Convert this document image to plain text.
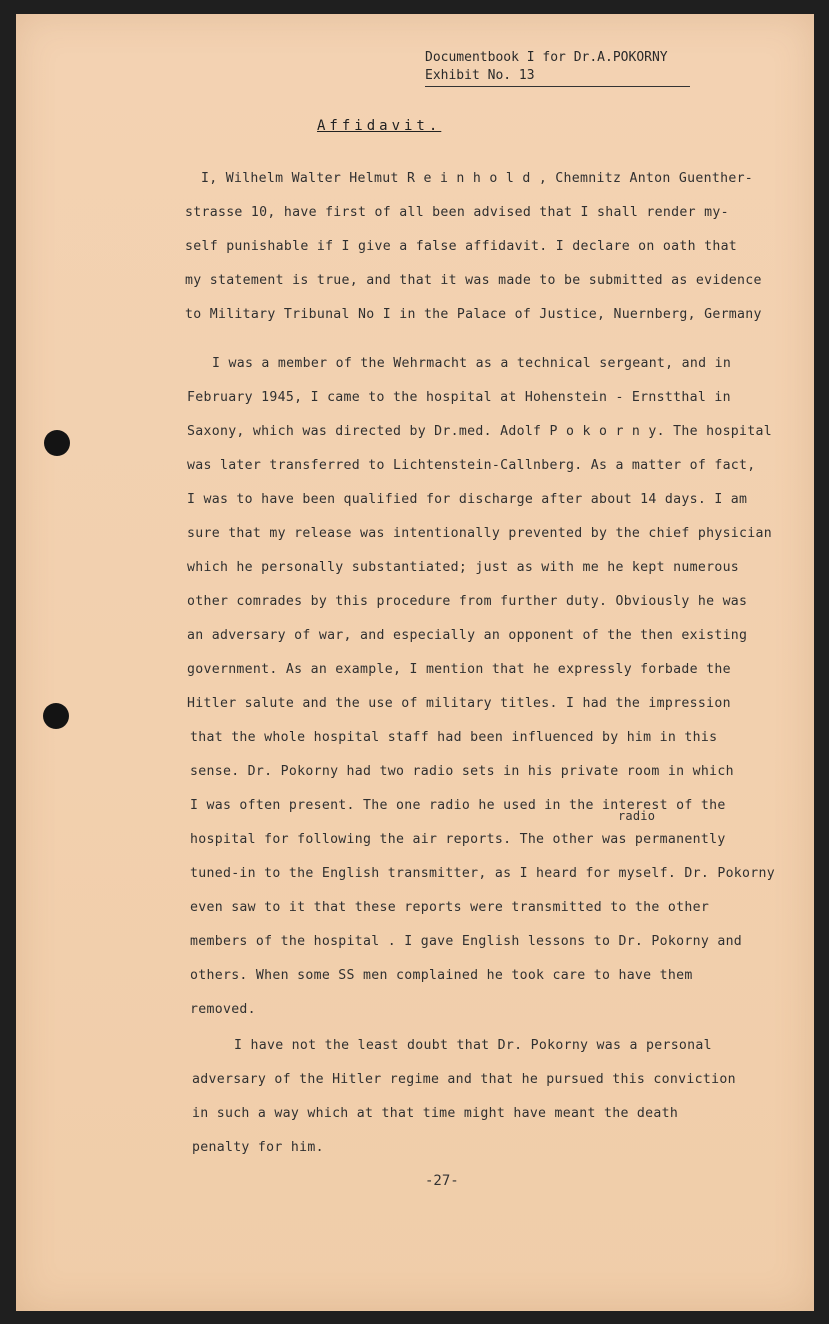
Documentbook I for Dr.A.POKORNY
Exhibit No. 13
Affidavit.
I, Wilhelm Walter Helmut R e i n h o l d , Chemnitz Anton Guenther-
strasse 10, have first of all been advised that I shall render my-
self punishable if I give a false affidavit. I declare on oath that
my statement is true, and that it was made to be submitted as evidence
to Military Tribunal No I in the Palace of Justice, Nuernberg, Germany
I was a member of the Wehrmacht as a technical sergeant, and in
February 1945, I came to the hospital at Hohenstein - Ernstthal in
Saxony, which was directed by Dr.med. Adolf P o k o r n y. The hospital
was later transferred to Lichtenstein-Callnberg. As a matter of fact,
I was to have been qualified for discharge after about 14 days. I am
sure that my release was intentionally prevented by the chief physician
which he personally substantiated; just as with me he kept numerous
other comrades by this procedure from further duty. Obviously he was
an adversary of war, and especially an opponent of the then existing
government. As an example, I mention that he expressly forbade the
Hitler salute and the use of military titles. I had the impression
that the whole hospital staff had been influenced by him in this
sense. Dr. Pokorny had two radio sets in his private room in which
I was often present. The one radio he used in the interest of the
radio
hospital for following the air reports. The other was permanently
tuned-in to the English transmitter, as I heard for myself. Dr. Pokorny
even saw to it that these reports were transmitted to the other
members of the hospital . I gave English lessons to Dr. Pokorny and
others. When some SS men complained he took care to have them
removed.
I have not the least doubt that Dr. Pokorny was a personal
adversary of the Hitler regime and that he pursued this conviction
in such a way which at that time might have meant the death
penalty for him.
-27-
